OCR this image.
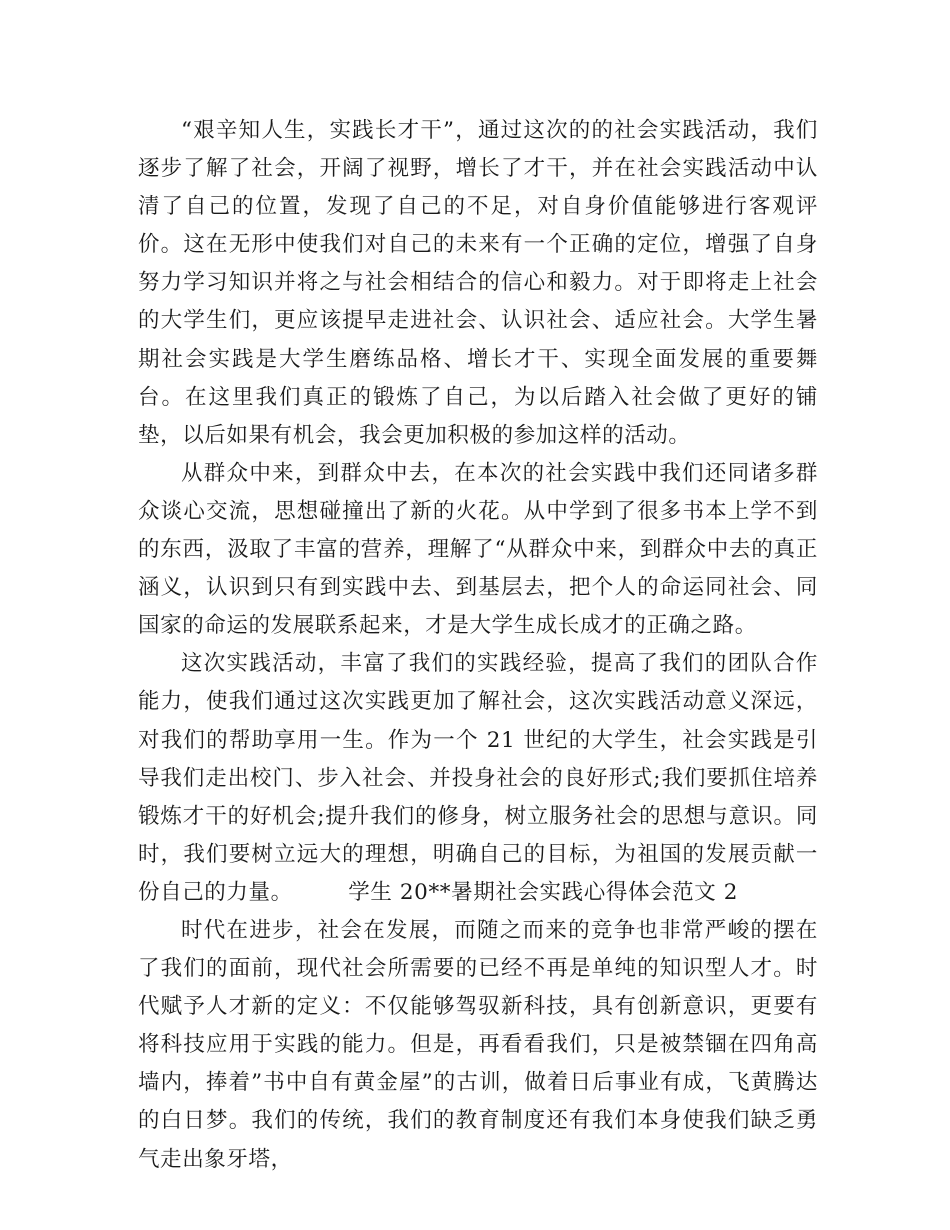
“艰辛知人生，实践长才干”，通过这次的的社会实践活动，我们逐步了解了社会，开阔了视野，增长了才干，并在社会实践活动中认清了自己的位置，发现了自己的不足，对自身价值能够进行客观评价。这在无形中使我们对自己的未来有一个正确的定位，增强了自身努力学习知识并将之与社会相结合的信心和毅力。对于即将走上社会的大学生们，更应该提早走进社会、认识社会、适应社会。大学生暑期社会实践是大学生磨练品格、增长才干、实现全面发展的重要舞台。在这里我们真正的锻炼了自己，为以后踏入社会做了更好的铺垫，以后如果有机会，我会更加积极的参加这样的活动。

从群众中来，到群众中去，在本次的社会实践中我们还同诸多群众谈心交流，思想碰撞出了新的火花。从中学到了很多书本上学不到的东西，汲取了丰富的营养，理解了“从群众中来，到群众中去的真正涵义，认识到只有到实践中去、到基层去，把个人的命运同社会、同国家的命运的发展联系起来，才是大学生成长成才的正确之路。

这次实践活动，丰富了我们的实践经验，提高了我们的团队合作能力，使我们通过这次实践更加了解社会，这次实践活动意义深远，对我们的帮助享用一生。作为一个 21 世纪的大学生，社会实践是引导我们走出校门、步入社会、并投身社会的良好形式;我们要抓住培养锻炼才干的好机会;提升我们的修身，树立服务社会的思想与意识。同时，我们要树立远大的理想，明确自己的目标，为祖国的发展贡献一份自己的力量。　　　学生 20**暑期社会实践心得体会范文 2

时代在进步，社会在发展，而随之而来的竞争也非常严峻的摆在了我们的面前，现代社会所需要的已经不再是单纯的知识型人才。时代赋予人才新的定义：不仅能够驾驭新科技，具有创新意识，更要有将科技应用于实践的能力。但是，再看看我们，只是被禁锢在四角高墙内，捧着”书中自有黄金屋”的古训，做着日后事业有成，飞黄腾达的白日梦。我们的传统，我们的教育制度还有我们本身使我们缺乏勇气走出象牙塔，
